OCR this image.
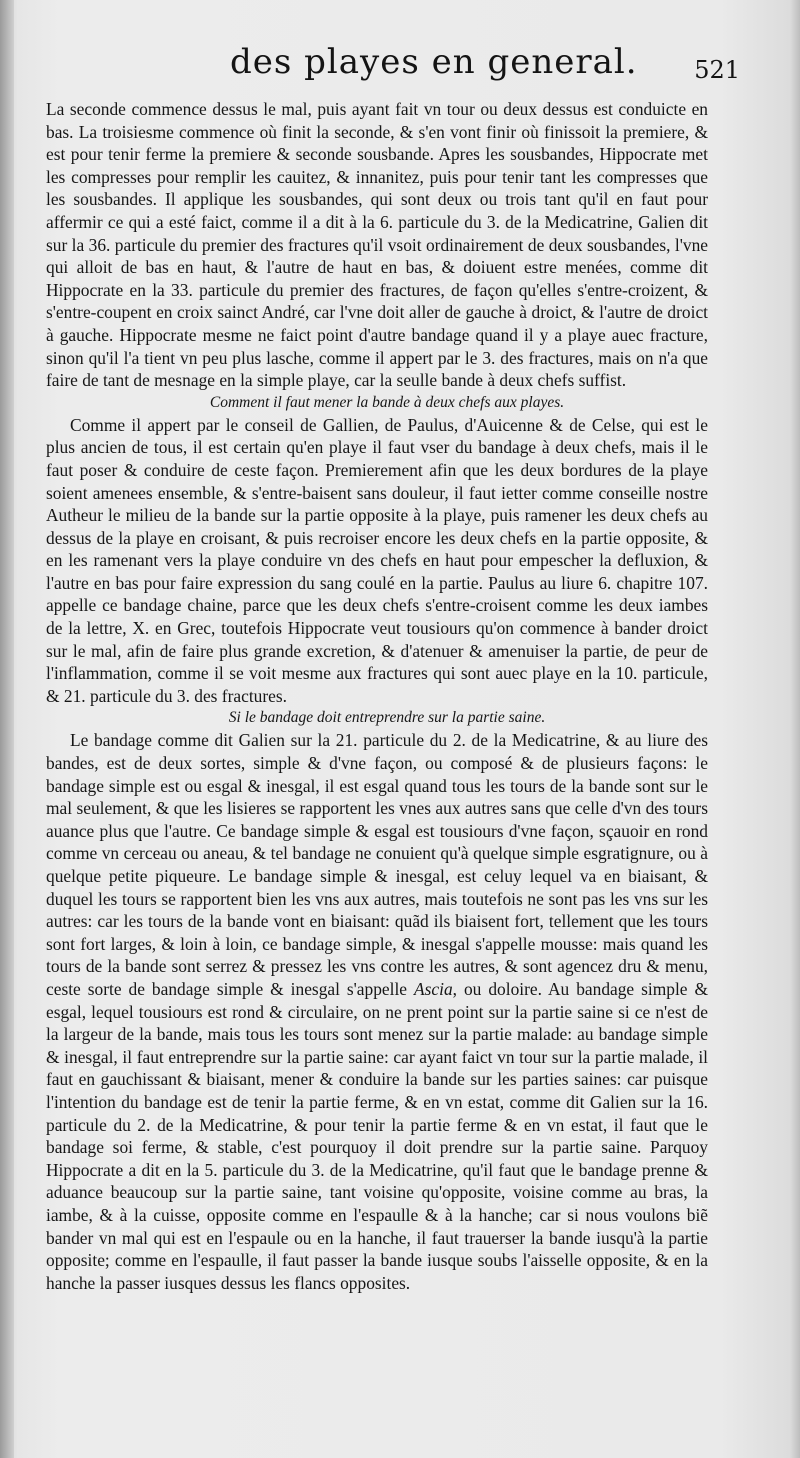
des playes en general. 521

La seconde commence dessus le mal, puis ayant fait vn tour ou deux dessus est conduicte en bas. La troisiesme commence où finit la seconde, & s'en vont finir où finissoit la premiere, & est pour tenir ferme la premiere & seconde sousbande. Apres les sousbandes, Hippocrate met les compresses pour remplir les cauitez, & innanitez, puis pour tenir tant les compresses que les sousbandes. Il applique les sousbandes, qui sont deux ou trois tant qu'il en faut pour affermir ce qui a esté faict, comme il a dit à la 6. particule du 3. de la Medicatrine, Galien dit sur la 36. particule du premier des fractures qu'il vsoit ordinairement de deux sousbandes, l'vne qui alloit de bas en haut, & l'autre de haut en bas, & doiuent estre menées, comme dit Hippocrate en la 33. particule du premier des fractures, de façon qu'elles s'entre-croizent, & s'entre-coupent en croix sainct André, car l'vne doit aller de gauche à droict, & l'autre de droict à gauche. Hippocrate mesme ne faict point d'autre bandage quand il y a playe auec fracture, sinon qu'il l'a tient vn peu plus lasche, comme il appert par le 3. des fractures, mais on n'a que faire de tant de mesnage en la simple playe, car la seulle bande à deux chefs suffist.

Comment il faut mener la bande à deux chefs aux playes.

Comme il appert par le conseil de Gallien, de Paulus, d'Auicenne & de Celse, qui est le plus ancien de tous, il est certain qu'en playe il faut vser du bandage à deux chefs, mais il le faut poser & conduire de ceste façon. Premierement afin que les deux bordures de la playe soient amenees ensemble, & s'entre-baisent sans douleur, il faut ietter comme conseille nostre Autheur le milieu de la bande sur la partie opposite à la playe, puis ramener les deux chefs au dessus de la playe en croisant, & puis recroiser encore les deux chefs en la partie opposite, & en les ramenant vers la playe conduire vn des chefs en haut pour empescher la defluxion, & l'autre en bas pour faire expression du sang coulé en la partie. Paulus au liure 6. chapitre 107. appelle ce bandage chaine, parce que les deux chefs s'entre-croisent comme les deux iambes de la lettre, X. en Grec, toutefois Hippocrate veut tousiours qu'on commence à bander droict sur le mal, afin de faire plus grande excretion, & d'atenuer & amenuiser la partie, de peur de l'inflammation, comme il se voit mesme aux fractures qui sont auec playe en la 10. particule, & 21. particule du 3. des fractures.

Si le bandage doit entreprendre sur la partie saine.

Le bandage comme dit Galien sur la 21. particule du 2. de la Medicatrine, & au liure des bandes, est de deux sortes, simple & d'vne façon, ou composé & de plusieurs façons: le bandage simple est ou esgal & inesgal, il est esgal quand tous les tours de la bande sont sur le mal seulement, & que les lisieres se rapportent les vnes aux autres sans que celle d'vn des tours auance plus que l'autre. Ce bandage simple & esgal est tousiours d'vne façon, sçauoir en rond comme vn cerceau ou aneau, & tel bandage ne conuient qu'à quelque simple esgratignure, ou à quelque petite piqueure. Le bandage simple & inesgal, est celuy lequel va en biaisant, & duquel les tours se rapportent bien les vns aux autres, mais toutefois ne sont pas les vns sur les autres: car les tours de la bande vont en biaisant: quãd ils biaisent fort, tellement que les tours sont fort larges, & loin à loin, ce bandage simple, & inesgal s'appelle mousse: mais quand les tours de la bande sont serrez & pressez les vns contre les autres, & sont agencez dru & menu, ceste sorte de bandage simple & inesgal s'appelle Ascia, ou doloire. Au bandage simple & esgal, lequel tousiours est rond & circulaire, on ne prent point sur la partie saine si ce n'est de la largeur de la bande, mais tous les tours sont menez sur la partie malade: au bandage simple & inesgal, il faut entreprendre sur la partie saine: car ayant faict vn tour sur la partie malade, il faut en gauchissant & biaisant, mener & conduire la bande sur les parties saines: car puisque l'intention du bandage est de tenir la partie ferme, & en vn estat, comme dit Galien sur la 16. particule du 2. de la Medicatrine, & pour tenir la partie ferme & en vn estat, il faut que le bandage soi ferme, & stable, c'est pourquoy il doit prendre sur la partie saine. Parquoy Hippocrate a dit en la 5. particule du 3. de la Medicatrine, qu'il faut que le bandage prenne & aduance beaucoup sur la partie saine, tant voisine qu'opposite, voisine comme au bras, la iambe, & à la cuisse, opposite comme en l'espaulle & à la hanche; car si nous voulons biẽ bander vn mal qui est en l'espaule ou en la hanche, il faut trauerser la bande iusqu'à la partie opposite; comme en l'espaulle, il faut passer la bande iusque soubs l'aisselle opposite, & en la hanche la passer iusques dessus les flancs opposites.
